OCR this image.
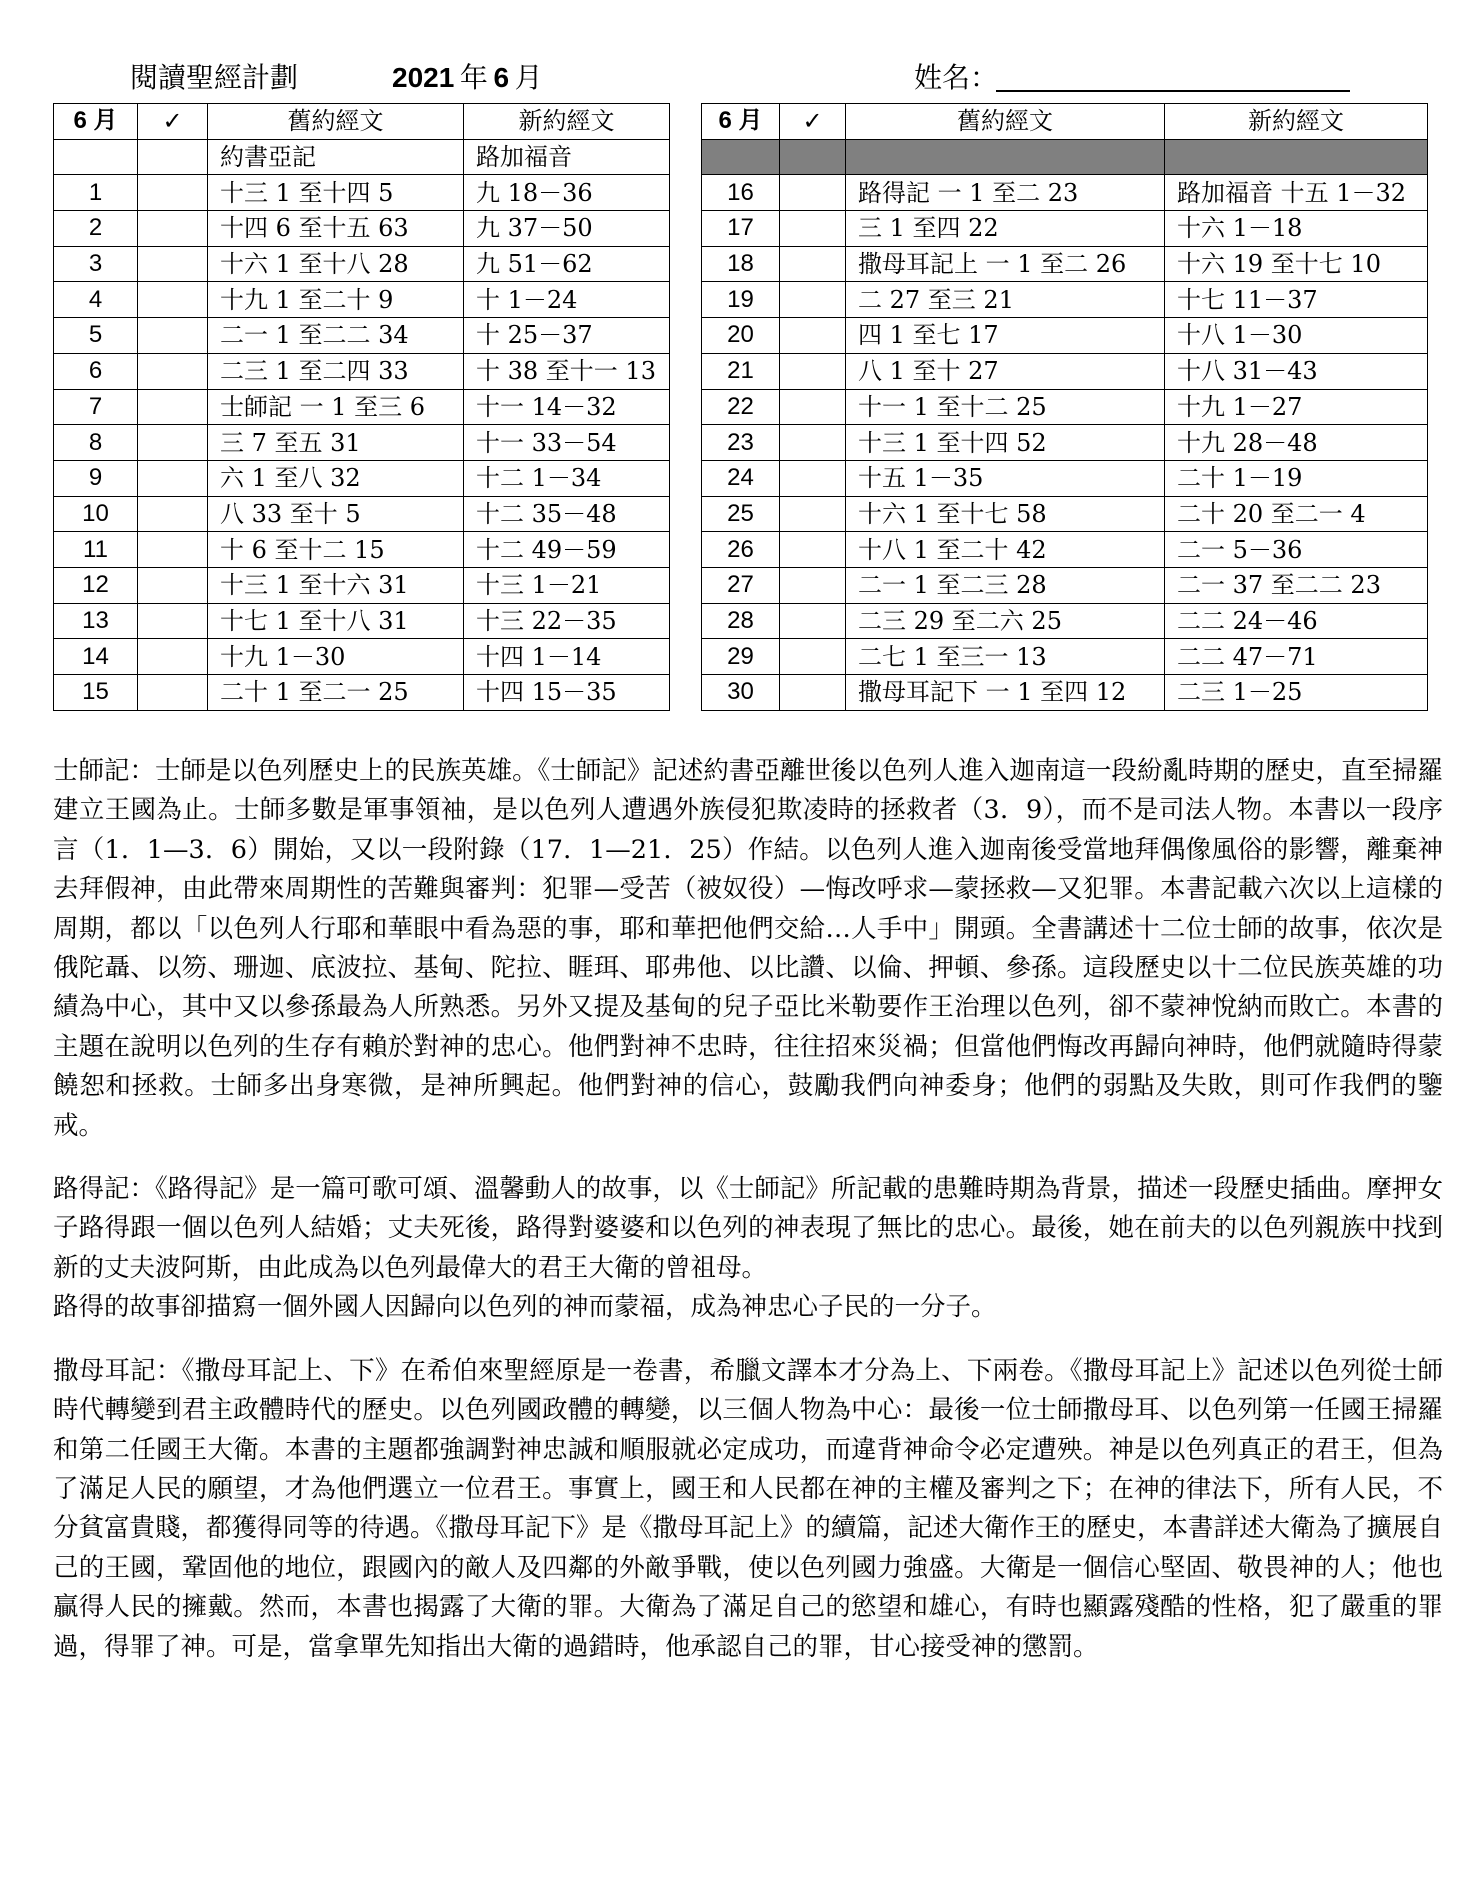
閱讀聖經計劃	2021  年  6  月	姓名：
6 月	✓	舊約經文	新約經文		6 月	✓	舊約經文	新約經文
		約書亞記	路加福音					
1		十三 1 至十四 5	九 18－36		16		路得記 一 1 至二 23	路加福音 十五 1－32
2		十四 6 至十五 63	九 37－50		17		三 1 至四 22	十六 1－18
3		十六 1 至十八 28	九 51－62		18		撒母耳記上 一 1 至二 26	十六 19 至十七 10
4		十九 1 至二十 9	十 1－24		19		二 27 至三 21	十七 11－37
5		二一 1 至二二 34	十 25－37		20		四 1 至七 17	十八 1－30
6		二三 1 至二四 33	十 38 至十一 13		21		八 1 至十 27	十八 31－43
7		士師記 一 1 至三 6	十一 14－32		22		十一 1 至十二 25	十九 1－27
8		三 7 至五 31	十一 33－54		23		十三 1 至十四 52	十九 28－48
9		六 1 至八 32	十二 1－34		24		十五 1－35	二十 1－19
10		八 33 至十 5	十二 35－48		25		十六 1 至十七 58	二十 20 至二一 4
11		十 6 至十二 15	十二 49－59		26		十八 1 至二十 42	二一 5－36
12		十三 1 至十六 31	十三 1－21		27		二一 1 至二三 28	二一 37 至二二 23
13		十七 1 至十八 31	十三 22－35		28		二三 29 至二六 25	二二 24－46
14		十九 1－30	十四 1－14		29		二七 1 至三一 13	二二 47－71
15		二十 1 至二一 25	十四 15－35		30		撒母耳記下 一 1 至四 12	二三 1－25

士師記：士師是以色列歷史上的民族英雄。《士師記》記述約書亞離世後以色列人進入迦南這一段紛亂時期的歷史，直至掃羅建立王國為止。士師多數是軍事領袖，是以色列人遭遇外族侵犯欺凌時的拯救者（3．9），而不是司法人物。本書以一段序言（1．1—3．6）開始，又以一段附錄（17．1—21．25）作結。以色列人進入迦南後受當地拜偶像風俗的影響，離棄神去拜假神，由此帶來周期性的苦難與審判：犯罪—受苦（被奴役）—悔改呼求—蒙拯救—又犯罪。本書記載六次以上這樣的周期，都以「以色列人行耶和華眼中看為惡的事，耶和華把他們交給…人手中」開頭。全書講述十二位士師的故事，依次是俄陀聶、以笏、珊迦、底波拉、基甸、陀拉、睚珥、耶弗他、以比讚、以倫、押頓、參孫。這段歷史以十二位民族英雄的功績為中心，其中又以參孫最為人所熟悉。另外又提及基甸的兒子亞比米勒要作王治理以色列，卻不蒙神悅納而敗亡。本書的主題在說明以色列的生存有賴於對神的忠心。他們對神不忠時，往往招來災禍；但當他們悔改再歸向神時，他們就隨時得蒙饒恕和拯救。士師多出身寒微，是神所興起。他們對神的信心，鼓勵我們向神委身；他們的弱點及失敗，則可作我們的鑒戒。

路得記：《路得記》是一篇可歌可頌、溫馨動人的故事，以《士師記》所記載的患難時期為背景，描述一段歷史插曲。摩押女子路得跟一個以色列人結婚；丈夫死後，路得對婆婆和以色列的神表現了無比的忠心。最後，她在前夫的以色列親族中找到新的丈夫波阿斯，由此成為以色列最偉大的君王大衛的曾祖母。
路得的故事卻描寫一個外國人因歸向以色列的神而蒙福，成為神忠心子民的一分子。

撒母耳記：《撒母耳記上、下》在希伯來聖經原是一卷書，希臘文譯本才分為上、下兩卷。《撒母耳記上》記述以色列從士師時代轉變到君主政體時代的歷史。以色列國政體的轉變，以三個人物為中心：最後一位士師撒母耳、以色列第一任國王掃羅和第二任國王大衛。本書的主題都強調對神忠誠和順服就必定成功，而違背神命令必定遭殃。神是以色列真正的君王，但為了滿足人民的願望，才為他們選立一位君王。事實上，國王和人民都在神的主權及審判之下；在神的律法下，所有人民，不分貧富貴賤，都獲得同等的待遇。《撒母耳記下》是《撒母耳記上》的續篇，記述大衛作王的歷史，本書詳述大衛為了擴展自己的王國，鞏固他的地位，跟國內的敵人及四鄰的外敵爭戰，使以色列國力強盛。大衛是一個信心堅固、敬畏神的人；他也贏得人民的擁戴。然而，本書也揭露了大衛的罪。大衛為了滿足自己的慾望和雄心，有時也顯露殘酷的性格，犯了嚴重的罪過，得罪了神。可是，當拿單先知指出大衛的過錯時，他承認自己的罪，甘心接受神的懲罰。
